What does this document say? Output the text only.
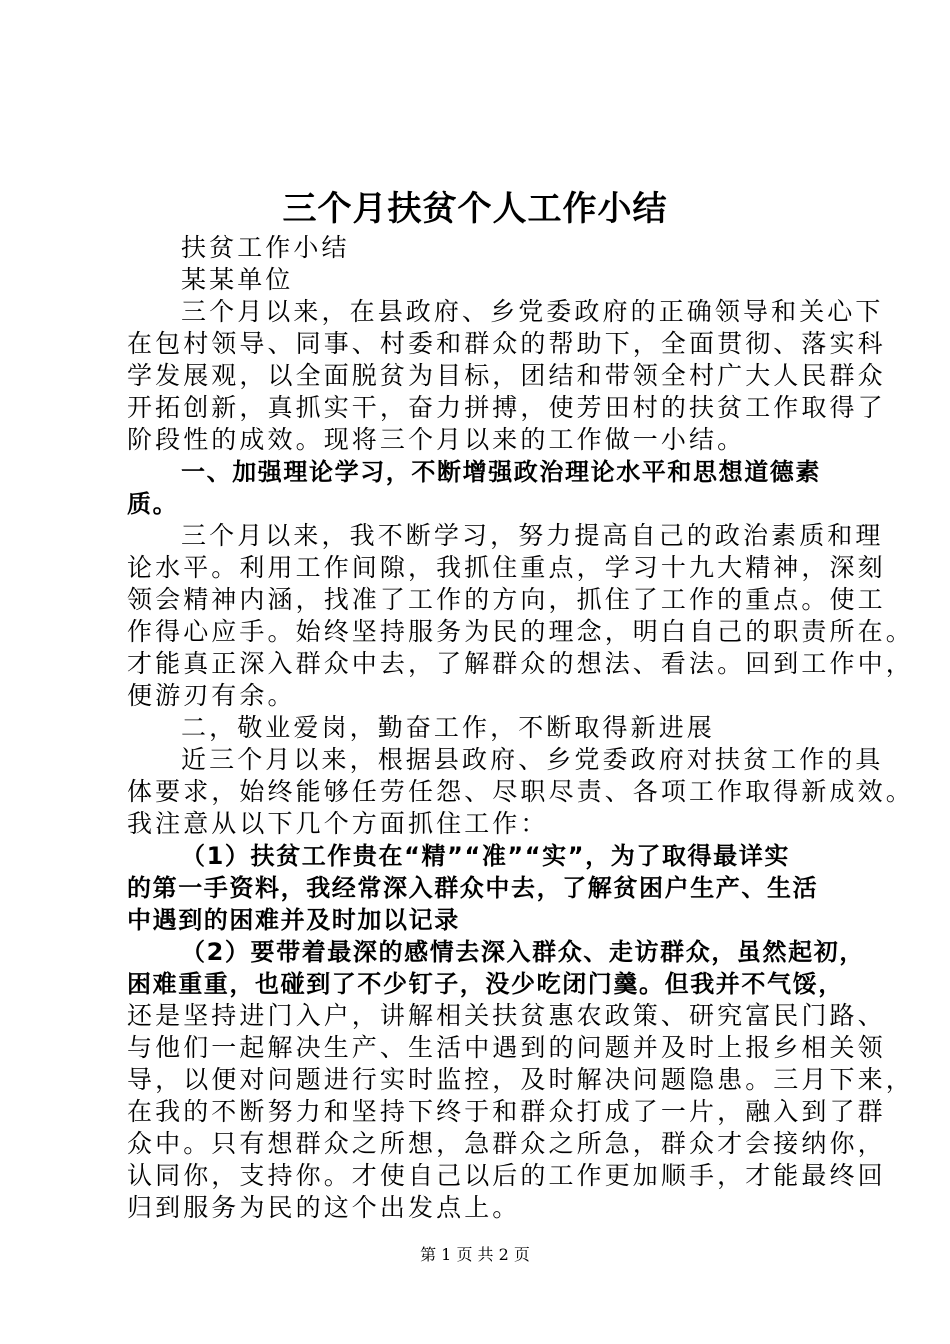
三个月扶贫个人工作小结
扶贫工作小结
某某单位
三个月以来，在县政府、乡党委政府的正确领导和关心下
在包村领导、同事、村委和群众的帮助下，全面贯彻、落实科
学发展观，以全面脱贫为目标，团结和带领全村广大人民群众
开拓创新，真抓实干，奋力拼搏，使芳田村的扶贫工作取得了
阶段性的成效。现将三个月以来的工作做一小结。
一、加强理论学习，不断增强政治理论水平和思想道德素
质。
三个月以来，我不断学习，努力提高自己的政治素质和理
论水平。利用工作间隙，我抓住重点，学习十九大精神，深刻
领会精神内涵，找准了工作的方向，抓住了工作的重点。使工
作得心应手。始终坚持服务为民的理念，明白自己的职责所在。
才能真正深入群众中去，了解群众的想法、看法。回到工作中，
便游刃有余。
二，敬业爱岗，勤奋工作，不断取得新进展
近三个月以来，根据县政府、乡党委政府对扶贫工作的具
体要求，始终能够任劳任怨、尽职尽责、各项工作取得新成效。
我注意从以下几个方面抓住工作：
（1）扶贫工作贵在“精”“准”“实”，为了取得最详实
的第一手资料，我经常深入群众中去，了解贫困户生产、生活
中遇到的困难并及时加以记录
（2）要带着最深的感情去深入群众、走访群众，虽然起初，
困难重重，也碰到了不少钉子，没少吃闭门羹。但我并不气馁，
还是坚持进门入户，讲解相关扶贫惠农政策、研究富民门路、
与他们一起解决生产、生活中遇到的问题并及时上报乡相关领
导，以便对问题进行实时监控，及时解决问题隐患。三月下来，
在我的不断努力和坚持下终于和群众打成了一片，融入到了群
众中。只有想群众之所想，急群众之所急，群众才会接纳你，
认同你，支持你。才使自己以后的工作更加顺手，才能最终回
归到服务为民的这个出发点上。
第 1 页 共 2 页
